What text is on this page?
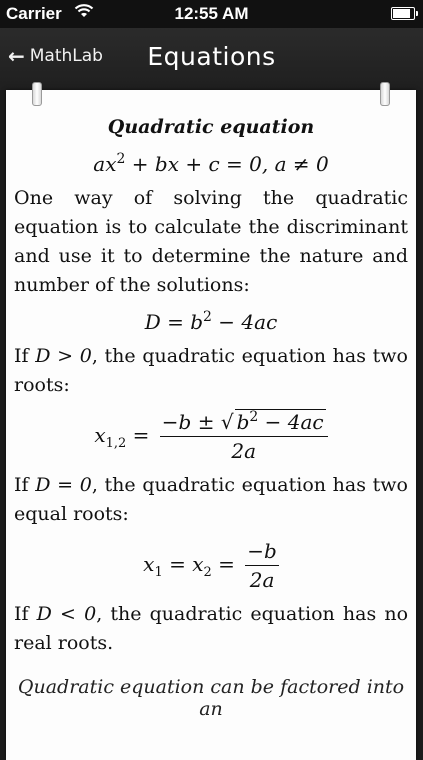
Carrier	12:55 AM
← MathLab	Equations
Quadratic equation
$ax^2$ + bx + c = 0, a ≠ 0
One way of solving the quadratic equation is to calculate the discriminant and use it to determine the nature and number of the solutions:
$D = b^2 - 4ac$
If D > 0, the quadratic equation has two roots:
$x_{1,2} = \frac{-b \pm √ b^2 - 4ac}{2a}$
If D = 0, the quadratic equation has two equal roots:
$x_1 = x_2 = \frac{-b}{2a}$
If D < 0, the quadratic equation has no real roots.
Quadratic equation can be factored into an
